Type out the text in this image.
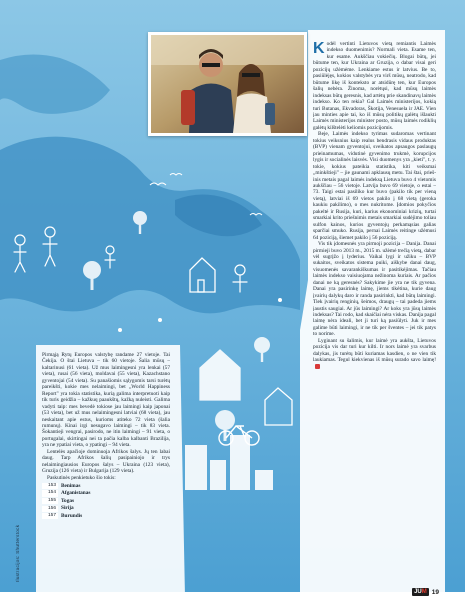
Kodėl vertinti Lietuvos vietą remiantis Laimės indekso duomenimis? Normali vieta. Esame ten, kur esame. Aukščiau vokiečių. Blogai būtų, jei būtume ten, kur Ukraina ar Gruzija, o dabar visai geri pozicijų užėmėme. Lenkiame estus ir latvius. Be to, pasiūlėjęs, kokios valstybės yra virš mūsų, neatrodo, kad būtume likę iš konteksto ar atsidūrę ten, kur Europos šalių nebėra. Žinoma, norėtųsi, kad mūsų laimės indeksas būtų geresnis, kad artėtų prie skandinavų laimės indekso. Ko ten rekia? Gal Laimės ministerijos, kokią turi Butanas, Ekvadoras, Škotija, Venesuela ir JAE. Vien jau minties apie tai, ko iš mūsų politikų galėtų išlaukti Laimės ministerijos minister posto, mūsų laimės rodiklių galėtų kilštelėti keliomis pozicijomis.

Beje, Laimės indekso tyrimas sudaromas vertinant tokius veiksnius kaip realus bendrasis vidaus produktas (BVP) vienam gyventojui, sveikatos apsaugos paslaugų prieinamumas, vidutinė gyvenimo trukmė, korupcijos lygis ir socialinės laisvės. Visi duomenys yra „kieti", t. y. tokie, kokius pateikia statistika, kiti veiksmai „minkštieji" – jie gaunami apklausų metu. Tai štai, priešinis metais pagal laimės indeksą Lietuva buvo 4 vietomis aukščiau – 56 vietoje. Latvija buvo 69 vietoje, o estai – 73. Taigi estai pasiliko kur buvo (pakilo tik per vieną vietą), latviai iš 69 vietos pakilo į 68 vietą (geroka kaukiu pakilimo), o mes nukritome. Įdomios pokyčios pakeltė ir Rusija, kuri, karius ekonominiai krizių, turtai smarkiai krito priešnimis metais smarkiai sudėjimo toliau sulfon kainos, kurios gyventojų perkamąsias galias sparčiai smuko. Rusija, pernai Laimės reitinge užėmusi 64 poziciją, šiemet pakilo į 56 poziciją.

Vis tik įdomesnės yra pirmoji pozicija – Danija. Danai pirmieji buvo 2013 m., 2015 m. užėmė trečią vietą, dabar vėl sugrįžo į lyderius. Vaikai lygi ir užiku – BVP sukaitos, sveikatos sistema puiki, aiškybe danai daug, visuomenės savarankiškumas ir pasitikėjimas. Tačiau laimės indekso vaisiuojama nežinoma kuriais. Ar pačios danai ne ką geresnės? Sakykime jie yra ne tik gyvena. Danai yra pasirinkę laimę, jiems tikėtina, kurie daug įvairių dalykų daro ir randa pasirinkti, kad būtų laimingi. Tiek įvairių renginių, šeimos, draugų – tai padeda jiems jaustis saugiai. Ar jūs laimingi? Ar koks yra jūsų laimės indeksas? Tai rodo, kad skaičiai nėra viskas. Danija pagal laimę nėra ideali, bet ji turi ką pasiūlyti. Juk ir mes galime būti laimingi, ir ne tik per šventes – jei tik patys to norime.

Lyginant su šalimis, kur laimė yra aukšta, Lietuvos pozicija vis dar turi kur kilti. Ir nors laimė yra svarbus dalykas, jis turėtų būti kuriamas kasdien, o ne vien tik laukiamas. Tegul kiekvienas iš mūsų surado savo laimę!

Pirmąją Rytų Europos valstybę randame 27 vietoje. Tai Čekija. O štai Lietuva – tik 60 vietoje. Šalia mūsų – kaltarinusi (61 vieta). Už mus laimingesni yra lenkai (57 vieta), rusai (56 vieta), moldavai (55 vieta), Kazachstano gyventojai (54 vieta). Su panašiomis sąlygomis tarsi turėtų pareikšti, kokie mes nelaimingi, bet „World Happiness Report" yra tokia statistika, kurią galima interpretuoti kaip tik turis geidžia – kažkuq paaukštų, kažką nuleisti. Galima vadyti taip: mes bevedė tokiose jau laimingi kaip japonai (53 vieta), bet už mus nelaimingesni latviai (68 vieta), jau neskaitant apie estus, kurioms atiteko 72 vieta (šalia rumunų). Kinai irgi nesugavo laimingi – tik 83 vieta. Šokantieji vengrai, pasirodo, ne itin laimingi – 91 vieta, o portugalai, skirtingai nei ta pačia kalba kalbanti Brazilija, yra ne ypatiai vieta, o ypatingi – 94 vieta.

Lentelės apačioje dominuoja Afrikos šalys. Jų ten labai daug. Tarp Afrikos šalių pasipainiojo ir trys nelaimingiausios Europos šalys – Ukraina (123 vieta), Gruzija (126 vieta) ir Bulgarija (129 vieta).

Paskutinės penkietuko šio tokis:

153 Benimas
154 Afganistanas
155 Togas
156 Sirija
157 Burundis
Ilustracijos: Shutterstock
JUM 19
